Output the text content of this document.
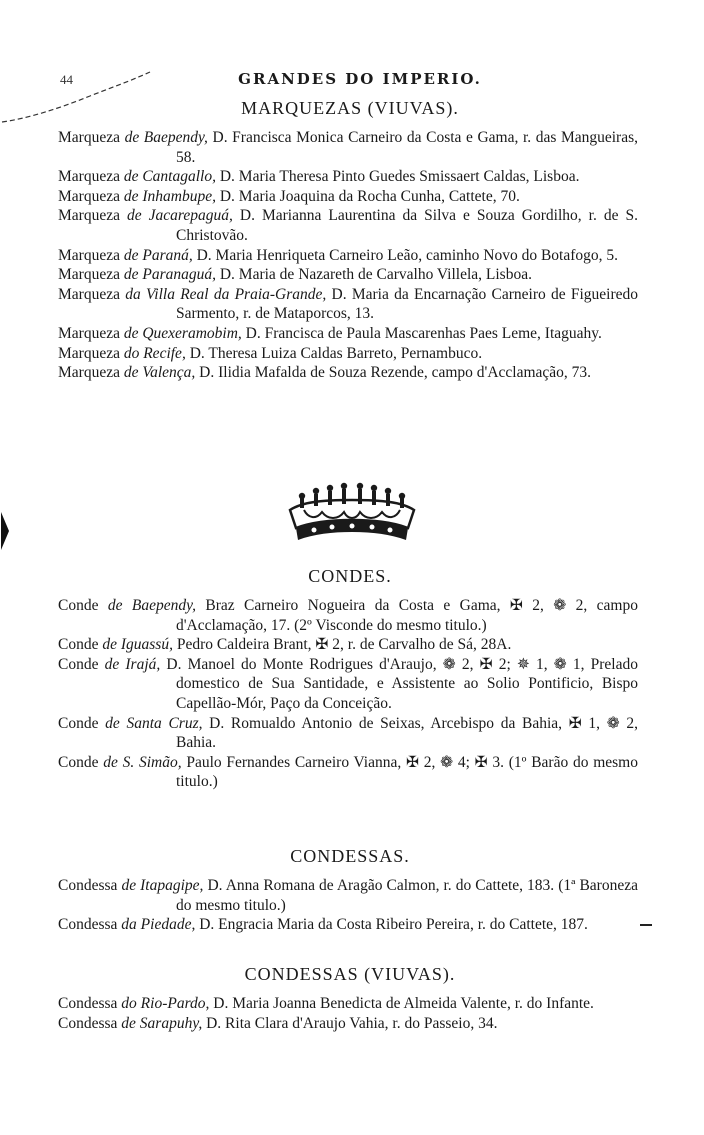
44	GRANDES DO IMPERIO.
MARQUEZAS (VIUVAS).
Marqueza de Baependy, D. Francisca Monica Carneiro da Costa e Gama, r. das Mangueiras, 58.
Marqueza de Cantagallo, D. Maria Theresa Pinto Guedes Smissaert Caldas, Lisboa.
Marqueza de Inhambupe, D. Maria Joaquina da Rocha Cunha, Cattete, 70.
Marqueza de Jacarepaguá, D. Marianna Laurentina da Silva e Souza Gordilho, r. de S. Christovão.
Marqueza de Paraná, D. Maria Henriqueta Carneiro Leão, caminho Novo do Botafogo, 5.
Marqueza de Paranaguá, D. Maria de Nazareth de Carvalho Villela, Lisboa.
Marqueza da Villa Real da Praia-Grande, D. Maria da Encarnação Carneiro de Figueiredo Sarmento, r. de Mataporcos, 13.
Marqueza de Quexeramobim, D. Francisca de Paula Mascarenhas Paes Leme, Itaguahy.
Marqueza do Recife, D. Theresa Luiza Caldas Barreto, Pernambuco.
Marqueza de Valença, D. Ilidia Mafalda de Souza Rezende, campo d'Acclamação, 73.
CONDES.
Conde de Baependy, Braz Carneiro Nogueira da Costa e Gama, ✠ 2, ❁ 2, campo d'Acclamação, 17. (2º Visconde do mesmo titulo.)
Conde de Iguassú, Pedro Caldeira Brant, ✠ 2, r. de Carvalho de Sá, 28A.
Conde de Irajá, D. Manoel do Monte Rodrigues d'Araujo, ❁ 2, ✠ 2; ✵ 1, ❁ 1, Prelado domestico de Sua Santidade, e Assistente ao Solio Pontificio, Bispo Capellão-Mór, Paço da Conceição.
Conde de Santa Cruz, D. Romualdo Antonio de Seixas, Arcebispo da Bahia, ✠ 1, ❁ 2, Bahia.
Conde de S. Simão, Paulo Fernandes Carneiro Vianna, ✠ 2, ❁ 4; ✠ 3. (1º Barão do mesmo titulo.)
CONDESSAS.
Condessa de Itapagipe, D. Anna Romana de Aragão Calmon, r. do Cattete, 183. (1ª Baroneza do mesmo titulo.)
Condessa da Piedade, D. Engracia Maria da Costa Ribeiro Pereira, r. do Cattete, 187.
CONDESSAS (VIUVAS).
Condessa do Rio-Pardo, D. Maria Joanna Benedicta de Almeida Valente, r. do Infante.
Condessa de Sarapuhy, D. Rita Clara d'Araujo Vahia, r. do Passeio, 34.
